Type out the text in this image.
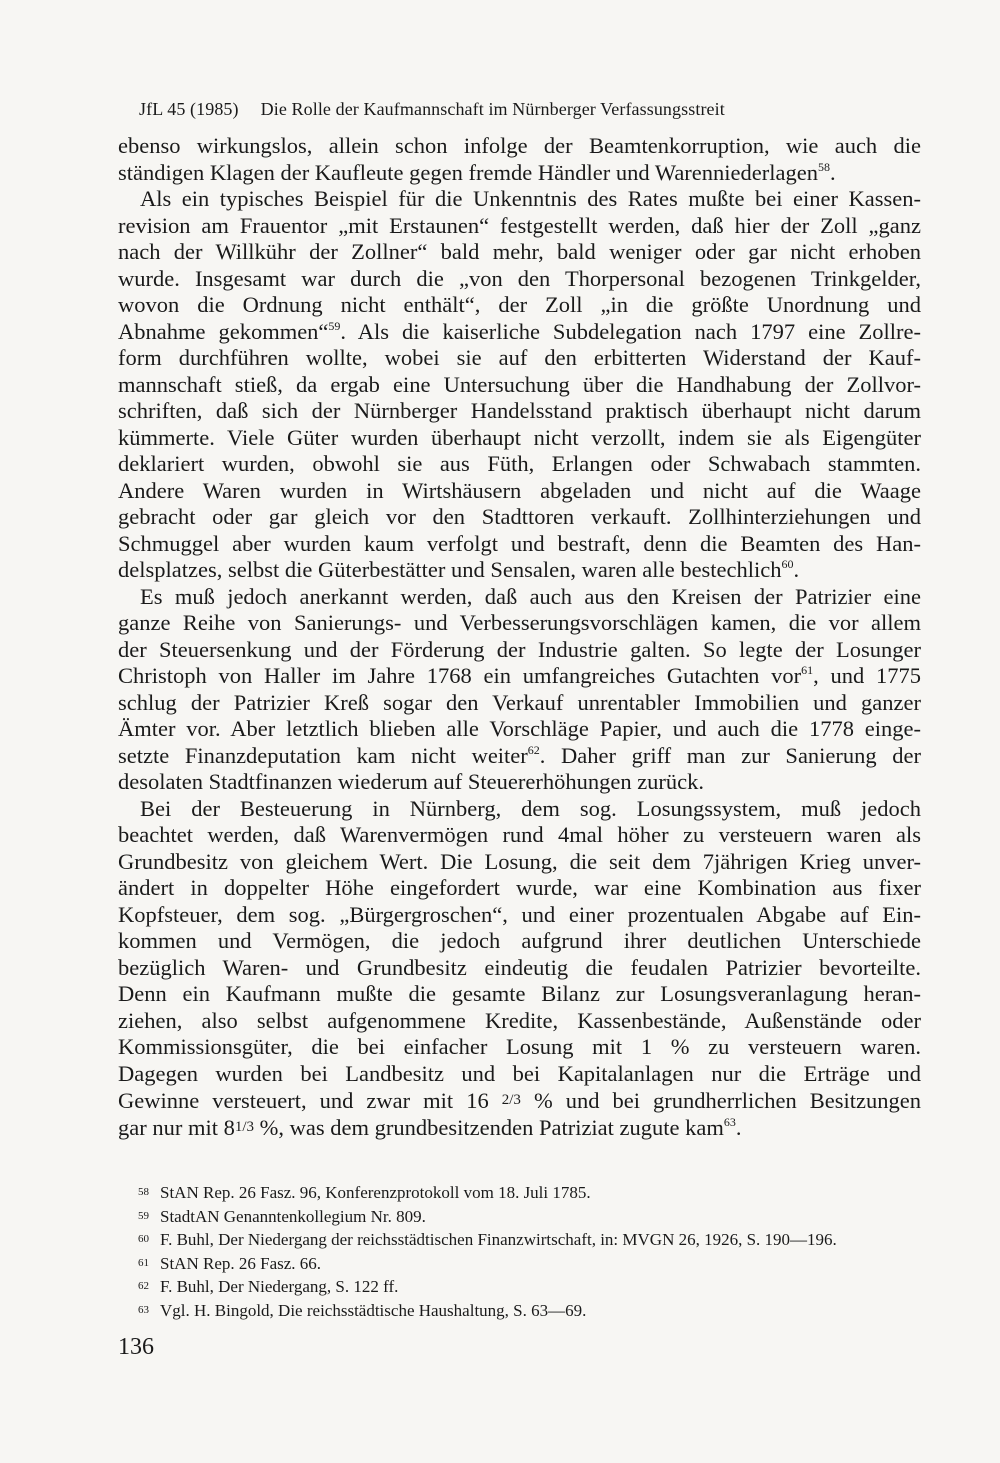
JfL 45 (1985) Die Rolle der Kaufmannschaft im Nürnberger Verfassungsstreit
ebenso wirkungslos, allein schon infolge der Beamtenkorruption, wie auch die
ständigen Klagen der Kaufleute gegen fremde Händler und Warenniederlagen$^{58}$.
Als ein typisches Beispiel für die Unkenntnis des Rates mußte bei einer Kassen-
revision am Frauentor „mit Erstaunen“ festgestellt werden, daß hier der Zoll „ganz
nach der Willkühr der Zollner“ bald mehr, bald weniger oder gar nicht erhoben
wurde. Insgesamt war durch die „von den Thorpersonal bezogenen Trinkgelder,
wovon die Ordnung nicht enthält“, der Zoll „in die größte Unordnung und
Abnahme gekommen“$^{59}$. Als die kaiserliche Subdelegation nach 1797 eine Zollre-
form durchführen wollte, wobei sie auf den erbitterten Widerstand der Kauf-
mannschaft stieß, da ergab eine Untersuchung über die Handhabung der Zollvor-
schriften, daß sich der Nürnberger Handelsstand praktisch überhaupt nicht darum
kümmerte. Viele Güter wurden überhaupt nicht verzollt, indem sie als Eigengüter
deklariert wurden, obwohl sie aus Füth, Erlangen oder Schwabach stammten.
Andere Waren wurden in Wirtshäusern abgeladen und nicht auf die Waage
gebracht oder gar gleich vor den Stadttoren verkauft. Zollhinterziehungen und
Schmuggel aber wurden kaum verfolgt und bestraft, denn die Beamten des Han-
delsplatzes, selbst die Güterbestätter und Sensalen, waren alle bestechlich$^{60}$.
Es muß jedoch anerkannt werden, daß auch aus den Kreisen der Patrizier eine
ganze Reihe von Sanierungs- und Verbesserungsvorschlägen kamen, die vor allem
der Steuersenkung und der Förderung der Industrie galten. So legte der Losunger
Christoph von Haller im Jahre 1768 ein umfangreiches Gutachten vor$^{61}$, und 1775
schlug der Patrizier Kreß sogar den Verkauf unrentabler Immobilien und ganzer
Ämter vor. Aber letztlich blieben alle Vorschläge Papier, und auch die 1778 einge-
setzte Finanzdeputation kam nicht weiter$^{62}$. Daher griff man zur Sanierung der
desolaten Stadtfinanzen wiederum auf Steuererhöhungen zurück.
Bei der Besteuerung in Nürnberg, dem sog. Losungssystem, muß jedoch
beachtet werden, daß Warenvermögen rund 4mal höher zu versteuern waren als
Grundbesitz von gleichem Wert. Die Losung, die seit dem 7jährigen Krieg unver-
ändert in doppelter Höhe eingefordert wurde, war eine Kombination aus fixer
Kopfsteuer, dem sog. „Bürgergroschen“, und einer prozentualen Abgabe auf Ein-
kommen und Vermögen, die jedoch aufgrund ihrer deutlichen Unterschiede
bezüglich Waren- und Grundbesitz eindeutig die feudalen Patrizier bevorteilte.
Denn ein Kaufmann mußte die gesamte Bilanz zur Losungsveranlagung heran-
ziehen, also selbst aufgenommene Kredite, Kassenbestände, Außenstände oder
Kommissionsgüter, die bei einfacher Losung mit 1 % zu versteuern waren.
Dagegen wurden bei Landbesitz und bei Kapitalanlagen nur die Erträge und
Gewinne versteuert, und zwar mit 16 2/3 % und bei grundherrlichen Besitzungen
gar nur mit 81/3 %, was dem grundbesitzenden Patriziat zugute kam$^{63}$.
58 StAN Rep. 26 Fasz. 96, Konferenzprotokoll vom 18. Juli 1785.
59 StadtAN Genanntenkollegium Nr. 809.
60 F. Buhl, Der Niedergang der reichsstädtischen Finanzwirtschaft, in: MVGN 26, 1926, S. 190—196.
61 StAN Rep. 26 Fasz. 66.
62 F. Buhl, Der Niedergang, S. 122 ff.
63 Vgl. H. Bingold, Die reichsstädtische Haushaltung, S. 63—69.
136
